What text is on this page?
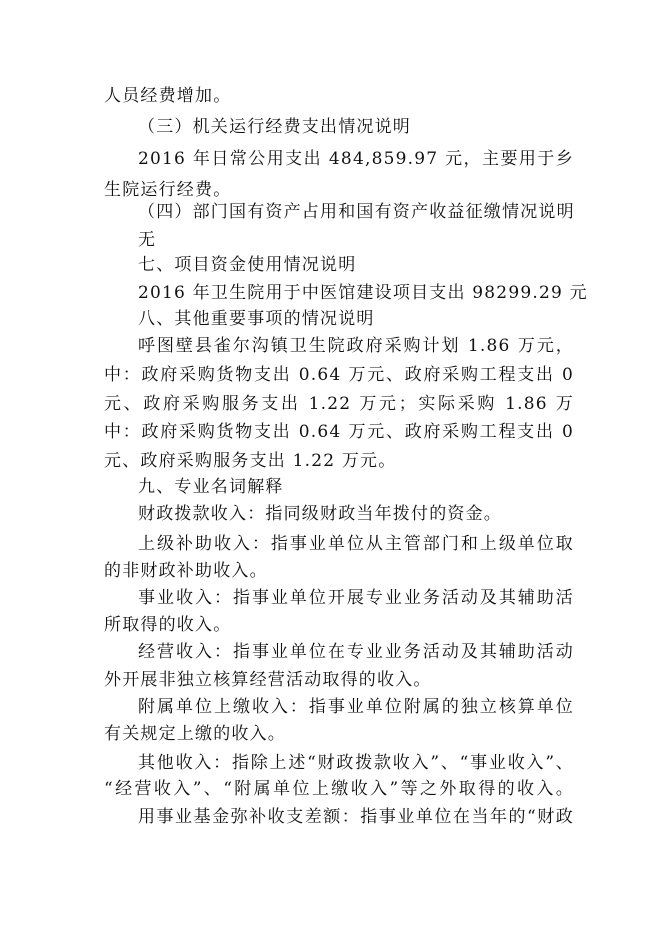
人员经费增加。
（三）机关运行经费支出情况说明
2016 年日常公用支出 484,859.97 元，主要用于乡
生院运行经费。
（四）部门国有资产占用和国有资产收益征缴情况说明
无
七、项目资金使用情况说明
2016 年卫生院用于中医馆建设项目支出 98299.29 元
八、其他重要事项的情况说明
呼图壁县雀尔沟镇卫生院政府采购计划 1.86 万元，
中：政府采购货物支出 0.64 万元、政府采购工程支出 0
元、政府采购服务支出 1.22 万元；实际采购 1.86 万
中：政府采购货物支出 0.64 万元、政府采购工程支出 0
元、政府采购服务支出 1.22 万元。
九、专业名词解释
财政拨款收入：指同级财政当年拨付的资金。
上级补助收入：指事业单位从主管部门和上级单位取
的非财政补助收入。
事业收入：指事业单位开展专业业务活动及其辅助活
所取得的收入。
经营收入：指事业单位在专业业务活动及其辅助活动
外开展非独立核算经营活动取得的收入。
附属单位上缴收入：指事业单位附属的独立核算单位
有关规定上缴的收入。
其他收入：指除上述“财政拨款收入”、“事业收入”、
“经营收入”、“附属单位上缴收入”等之外取得的收入。
用事业基金弥补收支差额：指事业单位在当年的“财政
